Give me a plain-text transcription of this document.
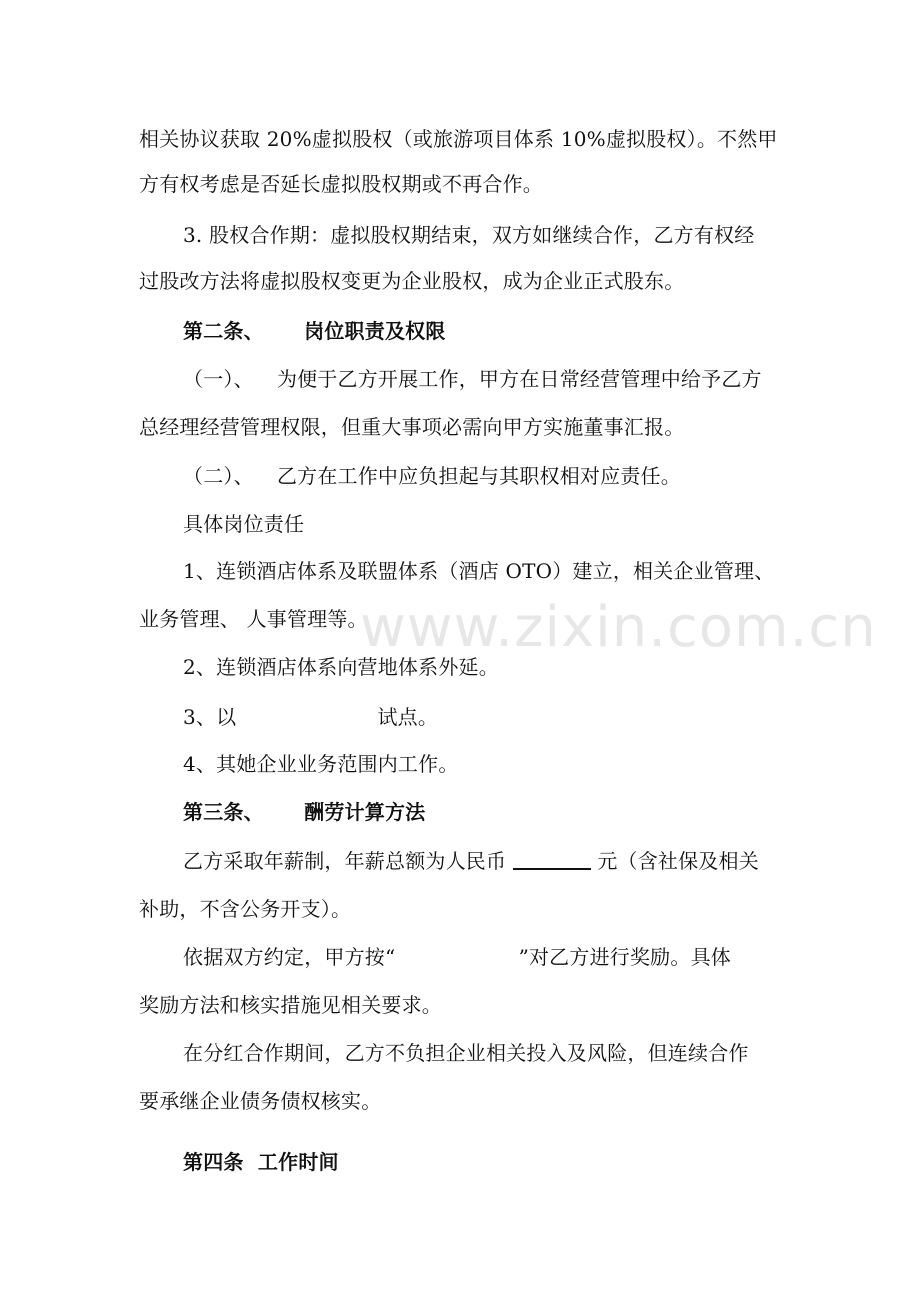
www.zixin.com.cn
相关协议获取 20%虚拟股权（或旅游项目体系 10%虚拟股权）。不然甲
方有权考虑是否延长虚拟股权期或不再合作。
3. 股权合作期：虚拟股权期结束，双方如继续合作，乙方有权经
过股改方法将虚拟股权变更为企业股权，成为企业正式股东。
第二条、 岗位职责及权限
（一）、 为便于乙方开展工作，甲方在日常经营管理中给予乙方
总经理经营管理权限，但重大事项必需向甲方实施董事汇报。
（二）、 乙方在工作中应负担起与其职权相对应责任。
具体岗位责任
1、连锁酒店体系及联盟体系（酒店 OTO）建立，相关企业管理、
业务管理、 人事管理等。
2、连锁酒店体系向营地体系外延。
3、以	试点。
4、其她企业业务范围内工作。
第三条、 酬劳计算方法
乙方采取年薪制，年薪总额为人民币	元（含社保及相关
补助，不含公务开支）。
依据双方约定，甲方按“	”对乙方进行奖励。具体
奖励方法和核实措施见相关要求。
在分红合作期间，乙方不负担企业相关投入及风险，但连续合作
要承继企业债务债权核实。
第四条  工作时间
